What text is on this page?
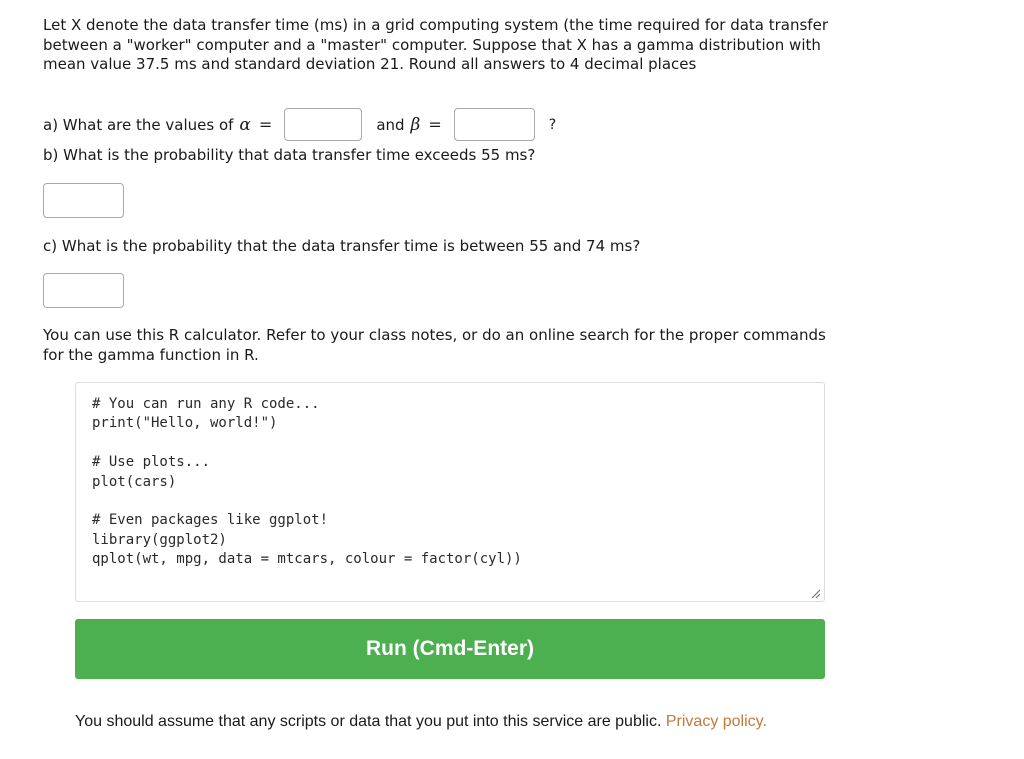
Let X denote the data transfer time (ms) in a grid computing system (the time required for data transfer between a "worker" computer and a "master" computer. Suppose that X has a gamma distribution with mean value 37.5 ms and standard deviation 21. Round all answers to 4 decimal places

a) What are the values of α =	and β =	?

b) What is the probability that data transfer time exceeds 55 ms?

c) What is the probability that the data transfer time is between 55 and 74 ms?

You can use this R calculator. Refer to your class notes, or do an online search for the proper commands for the gamma function in R.

# You can run any R code...
print("Hello, world!")

# Use plots...
plot(cars)

# Even packages like ggplot!
library(ggplot2)
qplot(wt, mpg, data = mtcars, colour = factor(cyl))
Run (Cmd-Enter)

You should assume that any scripts or data that you put into this service are public. Privacy policy.
